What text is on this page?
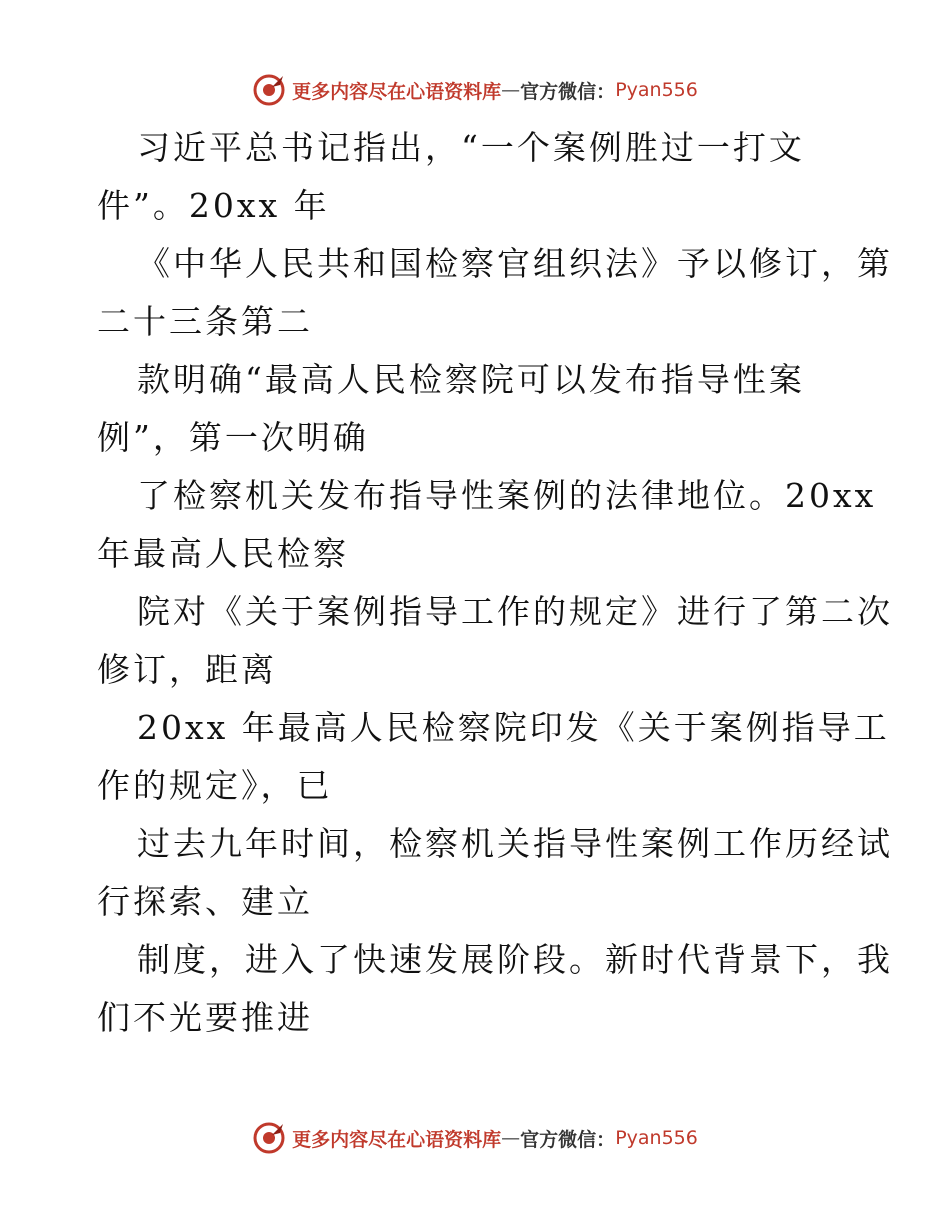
更多内容尽在心语资料库 — 官方微信： Pyan556
习近平总书记指出，“一个案例胜过一打文
件”。20xx 年
《中华人民共和国检察官组织法》予以修订，第
二十三条第二
款明确“最高人民检察院可以发布指导性案
例”，第一次明确
了检察机关发布指导性案例的法律地位。20xx
年最高人民检察
院对《关于案例指导工作的规定》进行了第二次
修订，距离
20xx 年最高人民检察院印发《关于案例指导工
作的规定》，已
过去九年时间，检察机关指导性案例工作历经试
行探索、建立
制度，进入了快速发展阶段。新时代背景下，我
们不光要推进
更多内容尽在心语资料库 — 官方微信： Pyan556
